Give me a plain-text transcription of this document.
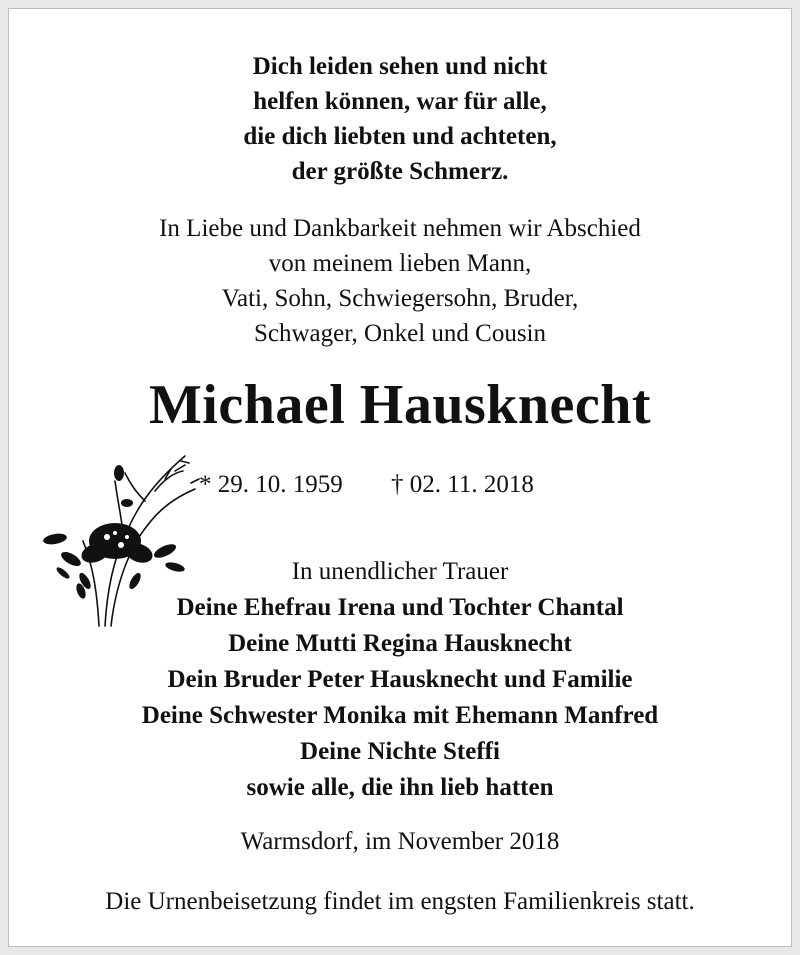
Dich leiden sehen und nicht
helfen können, war für alle,
die dich liebten und achteten,
der größte Schmerz.
In Liebe und Dankbarkeit nehmen wir Abschied
von meinem lieben Mann,
Vati, Sohn, Schwiegersohn, Bruder,
Schwager, Onkel und Cousin
Michael Hausknecht
* 29. 10. 1959 † 02. 11. 2018
In unendlicher Trauer
Deine Ehefrau Irena und Tochter Chantal
Deine Mutti Regina Hausknecht
Dein Bruder Peter Hausknecht und Familie
Deine Schwester Monika mit Ehemann Manfred
Deine Nichte Steffi
sowie alle, die ihn lieb hatten
Warmsdorf, im November 2018
Die Urnenbeisetzung findet im engsten Familienkreis statt.
